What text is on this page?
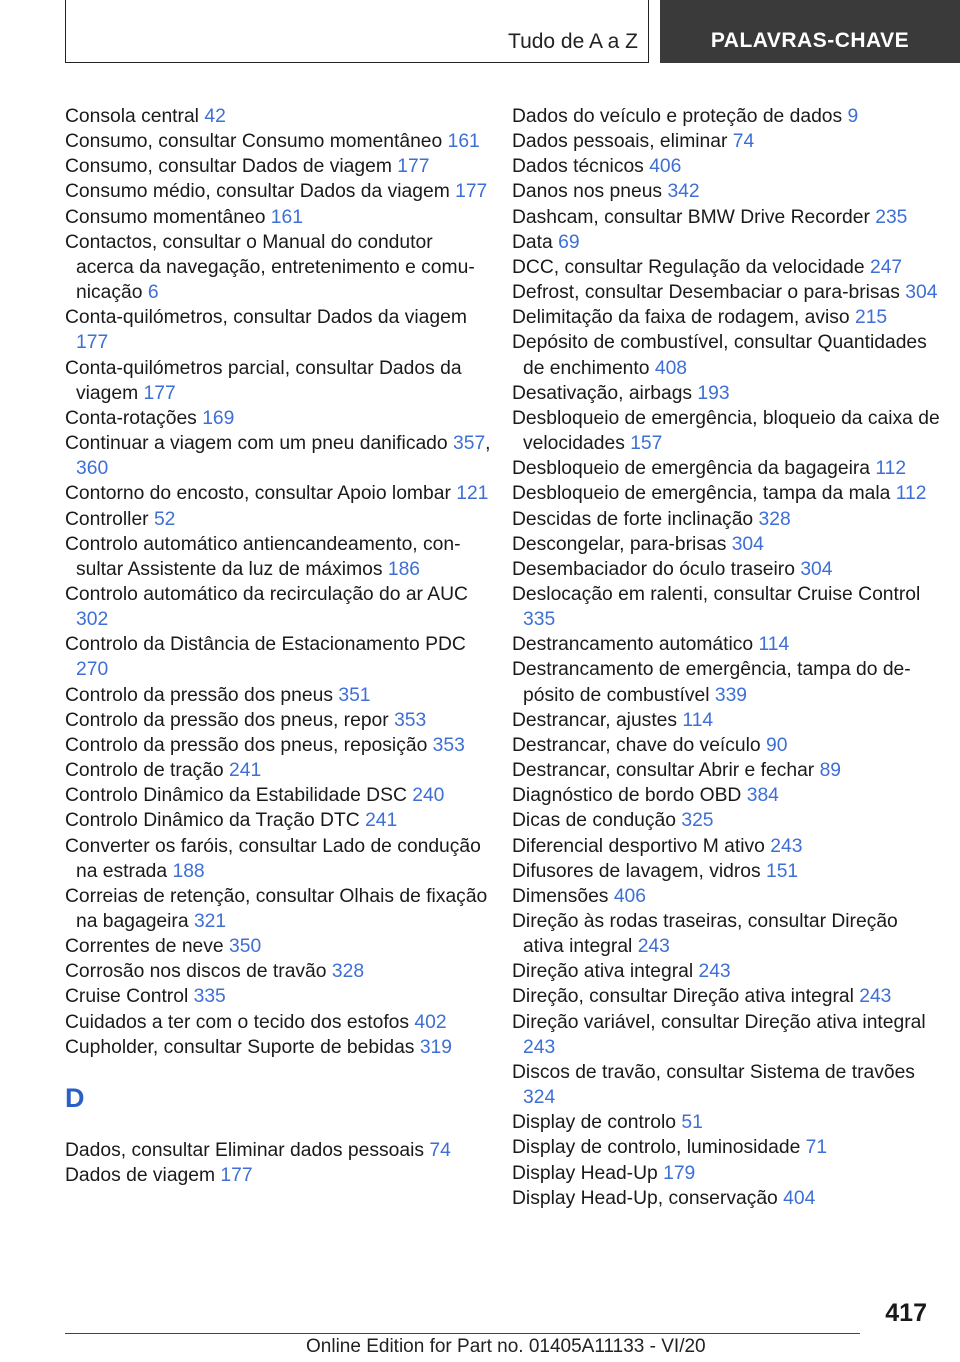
Tudo de A a Z	PALAVRAS-CHAVE
Consola central 42
Consumo, consultar Consumo momentâneo 161
Consumo, consultar Dados de viagem 177
Consumo médio, consultar Dados da viagem 177
Consumo momentâneo 161
Contactos, consultar o Manual do condutor acerca da navegação, entretenimento e comunicação 6
Conta-quilómetros, consultar Dados da viagem 177
Conta-quilómetros parcial, consultar Dados da viagem 177
Conta-rotações 169
Continuar a viagem com um pneu danificado 357, 360
Contorno do encosto, consultar Apoio lombar 121
Controller 52
Controlo automático antiencandeamento, consultar Assistente da luz de máximos 186
Controlo automático da recirculação do ar AUC 302
Controlo da Distância de Estacionamento PDC 270
Controlo da pressão dos pneus 351
Controlo da pressão dos pneus, repor 353
Controlo da pressão dos pneus, reposição 353
Controlo de tração 241
Controlo Dinâmico da Estabilidade DSC 240
Controlo Dinâmico da Tração DTC 241
Converter os faróis, consultar Lado de condução na estrada 188
Correias de retenção, consultar Olhais de fixação na bagageira 321
Correntes de neve 350
Corrosão nos discos de travão 328
Cruise Control 335
Cuidados a ter com o tecido dos estofos 402
Cupholder, consultar Suporte de bebidas 319
D
Dados, consultar Eliminar dados pessoais 74
Dados de viagem 177
Dados do veículo e proteção de dados 9
Dados pessoais, eliminar 74
Dados técnicos 406
Danos nos pneus 342
Dashcam, consultar BMW Drive Recorder 235
Data 69
DCC, consultar Regulação da velocidade 247
Defrost, consultar Desembaciar o para-brisas 304
Delimitação da faixa de rodagem, aviso 215
Depósito de combustível, consultar Quantidades de enchimento 408
Desativação, airbags 193
Desbloqueio de emergência, bloqueio da caixa de velocidades 157
Desbloqueio de emergência da bagageira 112
Desbloqueio de emergência, tampa da mala 112
Descidas de forte inclinação 328
Descongelar, para-brisas 304
Desembaciador do óculo traseiro 304
Deslocação em ralenti, consultar Cruise Control 335
Destrancamento automático 114
Destrancamento de emergência, tampa do depósito de combustível 339
Destrancar, ajustes 114
Destrancar, chave do veículo 90
Destrancar, consultar Abrir e fechar 89
Diagnóstico de bordo OBD 384
Dicas de condução 325
Diferencial desportivo M ativo 243
Difusores de lavagem, vidros 151
Dimensões 406
Direção às rodas traseiras, consultar Direção ativa integral 243
Direção ativa integral 243
Direção, consultar Direção ativa integral 243
Direção variável, consultar Direção ativa integral 243
Discos de travão, consultar Sistema de travões 324
Display de controlo 51
Display de controlo, luminosidade 71
Display Head-Up 179
Display Head-Up, conservação 404
417
Online Edition for Part no. 01405A11133 - VI/20
